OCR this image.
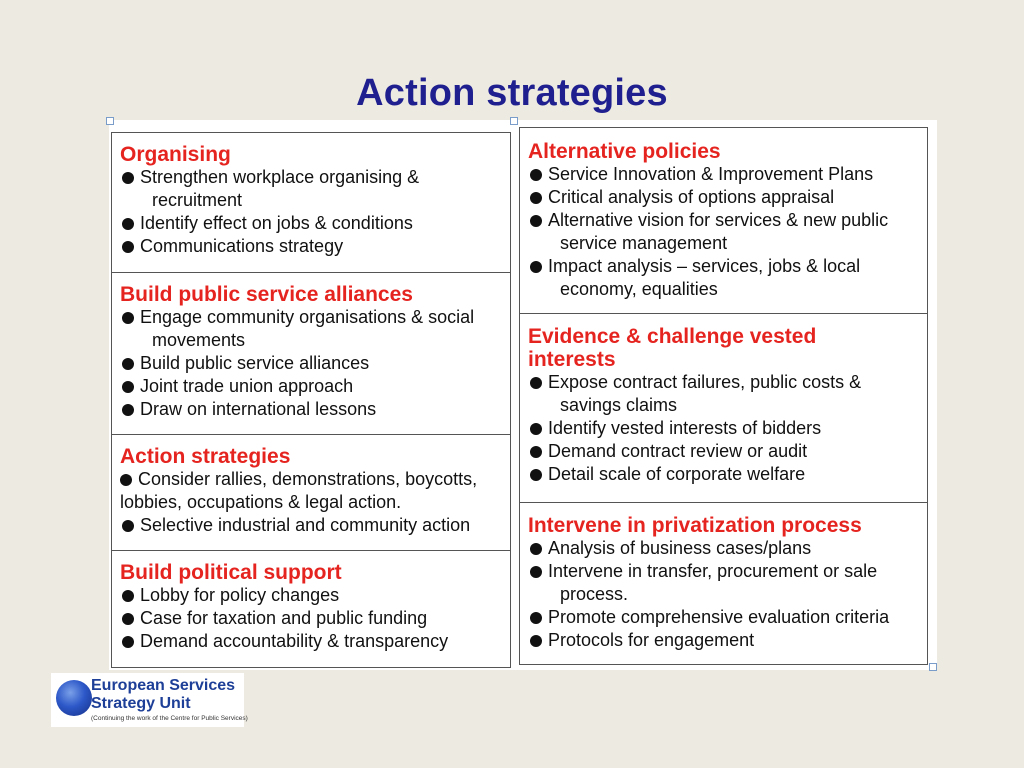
Action strategies
Organising
Strengthen workplace organising &
recruitment
Identify effect on jobs & conditions
Communications strategy
Build public service alliances
Engage community organisations & social
movements
Build public service alliances
Joint trade union approach
Draw on international lessons
Action strategies
Consider rallies, demonstrations, boycotts,
lobbies, occupations & legal action.
Selective industrial and community action
Build political support
Lobby for policy changes
Case for taxation and public funding
Demand accountability & transparency
Alternative policies
Service Innovation & Improvement Plans
Critical analysis of options appraisal
Alternative vision for services & new public
service management
Impact analysis – services, jobs & local
economy, equalities
Evidence & challenge vested
interests
Expose contract failures, public costs &
savings claims
Identify vested interests of bidders
Demand contract review or audit
Detail scale of corporate welfare
Intervene in privatization process
Analysis of business cases/plans
Intervene in transfer, procurement or sale
process.
Promote comprehensive evaluation criteria
Protocols for engagement
European Services
Strategy Unit
(Continuing the work of the Centre for Public Services)
